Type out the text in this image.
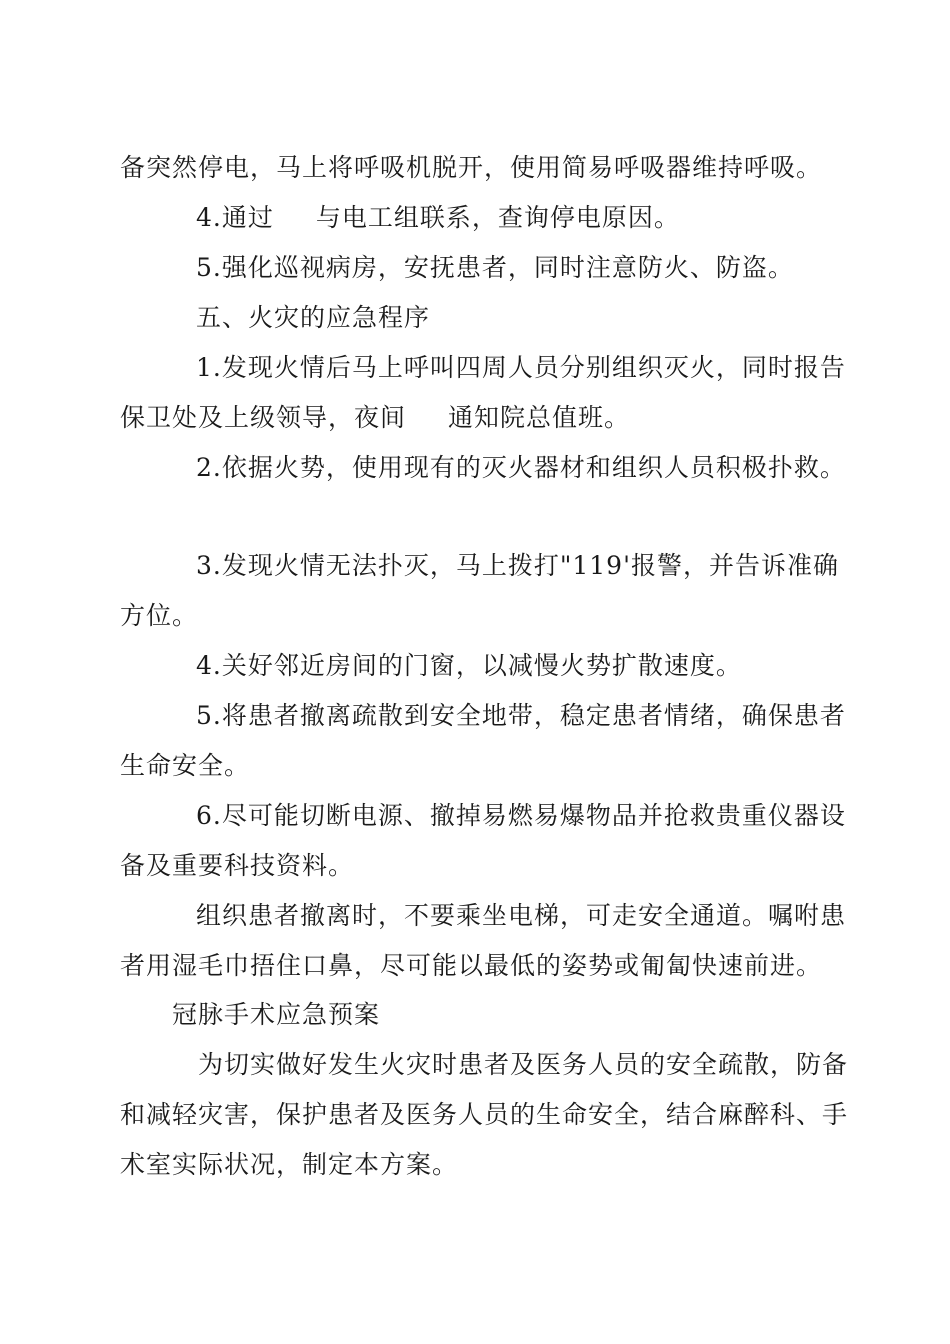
备突然停电，马上将呼吸机脱开，使用简易呼吸器维持呼吸。
4.通过 与电工组联系，查询停电原因。
5.强化巡视病房，安抚患者，同时注意防火、防盗。
五、火灾的应急程序
1.发现火情后马上呼叫四周人员分别组织灭火，同时报告
保卫处及上级领导，夜间 通知院总值班。
2.依据火势，使用现有的灭火器材和组织人员积极扑救。
3.发现火情无法扑灭，马上拨打"119'报警，并告诉准确
方位。
4.关好邻近房间的门窗，以减慢火势扩散速度。
5.将患者撤离疏散到安全地带，稳定患者情绪，确保患者
生命安全。
6.尽可能切断电源、撤掉易燃易爆物品并抢救贵重仪器设
备及重要科技资料。
组织患者撤离时，不要乘坐电梯，可走安全通道。嘱咐患
者用湿毛巾捂住口鼻，尽可能以最低的姿势或匍匐快速前进。
冠脉手术应急预案
为切实做好发生火灾时患者及医务人员的安全疏散，防备
和减轻灾害，保护患者及医务人员的生命安全，结合麻醉科、手
术室实际状况，制定本方案。
